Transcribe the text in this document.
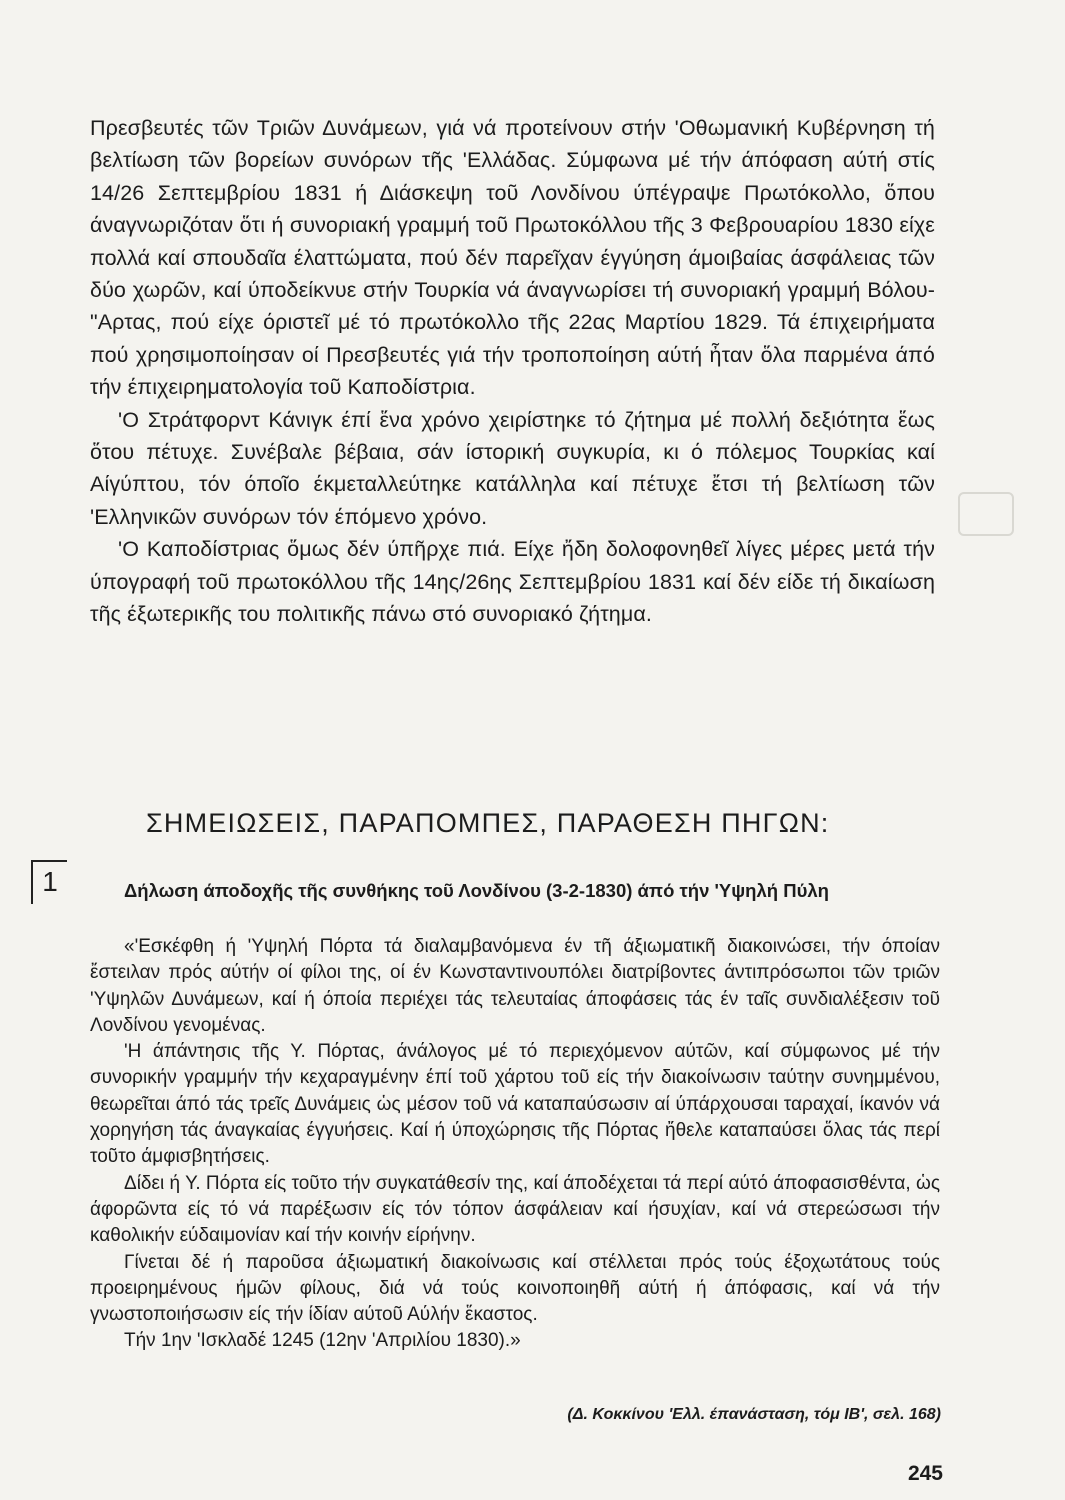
Πρεσβευτές τῶν Τριῶν Δυνάμεων, γιά νά προτείνουν στήν 'Οθωμανική Κυβέρνηση τή βελτίωση τῶν βορείων συνόρων τῆς 'Ελλάδας. Σύμφωνα μέ τήν άπόφαση αύτή στίς 14/26 Σεπτεμβρίου 1831 ή Διάσκεψη τοῦ Λονδίνου ύπέγραψε Πρωτόκολλο, ὅπου άναγνωριζόταν ὅτι ή συνοριακή γραμμή τοῦ Πρωτοκόλλου τῆς 3 Φεβρουαρίου 1830 είχε πολλά καί σπουδαῖα έλαττώματα, πού δέν παρεῖχαν έγγύηση άμοιβαίας άσφάλειας τῶν δύο χωρῶν, καί ύποδείκνυε στήν Τουρκία νά άναγνωρίσει τή συνοριακή γραμμή Βόλου-"Αρτας, πού είχε όριστεῖ μέ τό πρωτόκολλο τῆς 22ας Μαρτίου 1829. Τά έπιχειρήματα πού χρησιμοποίησαν οί Πρεσβευτές γιά τήν τροποποίηση αύτή ἦταν ὅλα παρμένα άπό τήν έπιχειρηματολογία τοῦ Καποδίστρια.

'Ο Στράτφορντ Κάνιγκ έπί ἕνα χρόνο χειρίστηκε τό ζήτημα μέ πολλή δεξιότητα ἕως ὅτου πέτυχε. Συνέβαλε βέβαια, σάν ίστορική συγκυρία, κι ό πόλεμος Τουρκίας καί Αίγύπτου, τόν όποῖο έκμεταλλεύτηκε κατάλληλα καί πέτυχε ἔτσι τή βελτίωση τῶν 'Ελληνικῶν συνόρων τόν έπόμενο χρόνο.

'Ο Καποδίστριας ὅμως δέν ύπῆρχε πιά. Είχε ἤδη δολοφονηθεῖ λίγες μέρες μετά τήν ύπογραφή τοῦ πρωτοκόλλου τῆς 14ης/26ης Σεπτεμβρίου 1831 καί δέν είδε τή δικαίωση τῆς έξωτερικῆς του πολιτικῆς πάνω στό συνοριακό ζήτημα.

ΣΗΜΕΙΩΣΕΙΣ, ΠΑΡΑΠΟΜΠΕΣ, ΠΑΡΑΘΕΣΗ ΠΗΓΩΝ:
1	Δήλωση άποδοχῆς τῆς συνθήκης τοῦ Λονδίνου (3-2-1830) άπό τήν 'Υψηλή Πύλη

«'Εσκέφθη ή 'Υψηλή Πόρτα τά διαλαμβανόμενα έν τῆ άξιωματικῆ διακοινώσει, τήν όποίαν ἔστειλαν πρός αύτήν οί φίλοι της, οί έν Κωνσταντινουπόλει διατρίβοντες άντιπρόσωποι τῶν τριῶν 'Υψηλῶν Δυνάμεων, καί ή όποία περιέχει τάς τελευταίας άποφάσεις τάς έν ταῖς συνδιαλέξεσιν τοῦ Λονδίνου γενομένας.

'Η άπάντησις τῆς Υ. Πόρτας, άνάλογος μέ τό περιεχόμενον αύτῶν, καί σύμφωνος μέ τήν συνορικήν γραμμήν τήν κεχαραγμένην έπί τοῦ χάρτου τοῦ είς τήν διακοίνωσιν ταύτην συνημμένου, θεωρεῖται άπό τάς τρεῖς Δυνάμεις ὡς μέσον τοῦ νά καταπαύσωσιν αί ύπάρχουσαι ταραχαί, ίκανόν νά χορηγήση τάς άναγκαίας έγγυήσεις. Καί ή ύποχώρησις τῆς Πόρτας ἤθελε καταπαύσει ὅλας τάς περί τοῦτο άμφισβητήσεις.

Δίδει ή Υ. Πόρτα είς τοῦτο τήν συγκατάθεσίν της, καί άποδέχεται τά περί αύτό άποφασισθέντα, ὡς άφορῶντα είς τό νά παρέξωσιν είς τόν τόπον άσφάλειαν καί ήσυχίαν, καί νά στερεώσωσι τήν καθολικήν εύδαιμονίαν καί τήν κοινήν είρήνην.

Γίνεται δέ ή παροῦσα άξιωματική διακοίνωσις καί στέλλεται πρός τούς έξοχωτάτους τούς προειρημένους ήμῶν φίλους, διά νά τούς κοινοποιηθῆ αύτή ή άπόφασις, καί νά τήν γνωστοποιήσωσιν είς τήν ίδίαν αύτοῦ Αύλήν ἕκαστος.

Τήν 1ην 'Ισκλαδέ 1245 (12ην 'Απριλίου 1830).»

(Δ. Κοκκίνου 'Ελλ. έπανάσταση, τόμ ΙΒ', σελ. 168)
245
